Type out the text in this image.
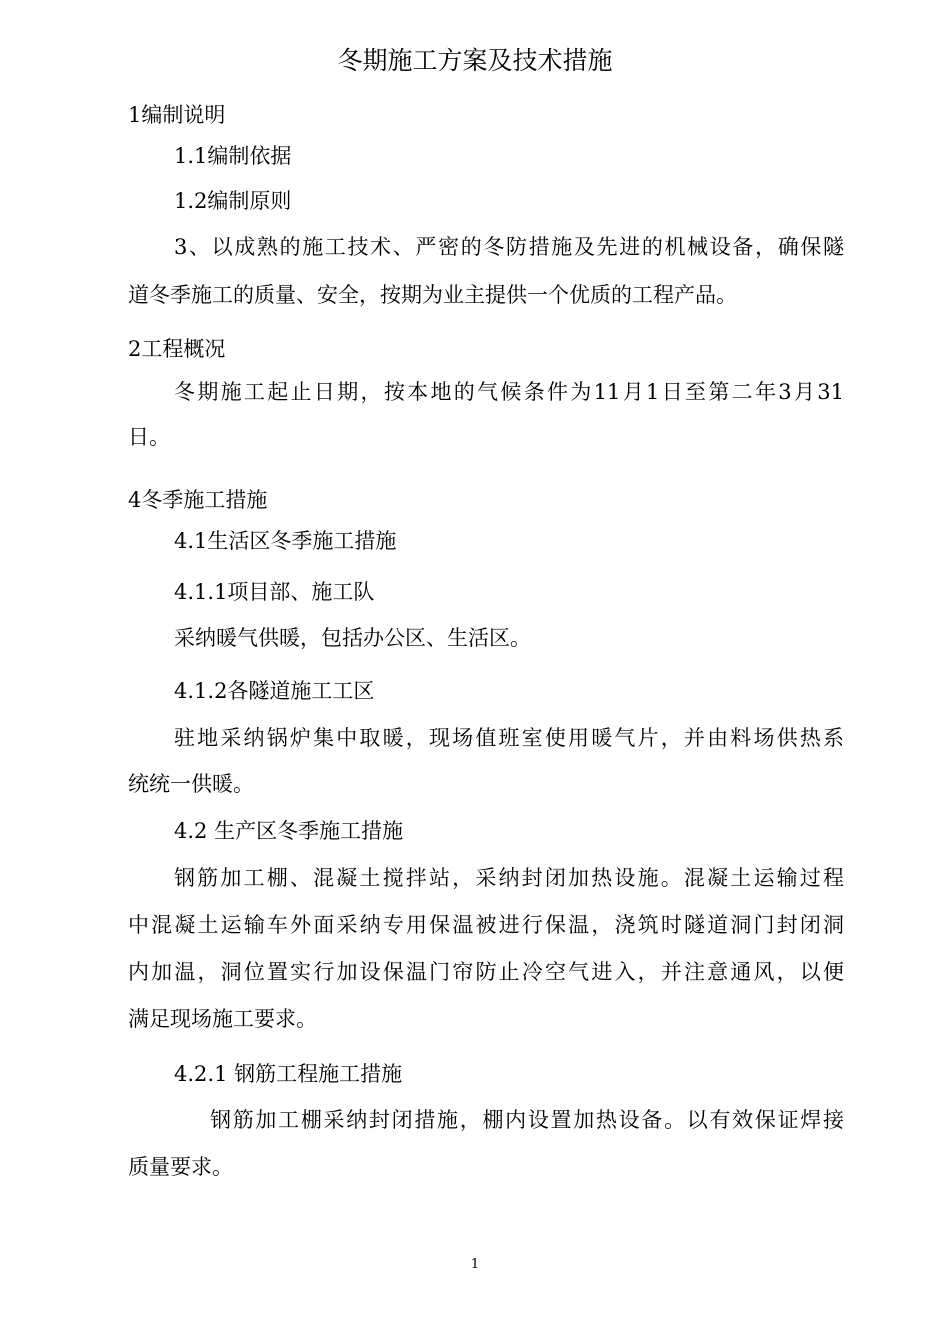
冬期施工方案及技术措施
1编制说明
1.1编制依据
1.2编制原则
3、以成熟的施工技术、严密的冬防措施及先进的机械设备，确保隧
道冬季施工的质量、安全，按期为业主提供一个优质的工程产品。
2工程概况
冬期施工起止日期，按本地的气候条件为11月1日至第二年3月31
日。
4冬季施工措施
4.1生活区冬季施工措施
4.1.1项目部、施工队
采纳暖气供暖，包括办公区、生活区。
4.1.2各隧道施工工区
驻地采纳锅炉集中取暖，现场值班室使用暖气片，并由料场供热系
统统一供暖。
4.2 生产区冬季施工措施
钢筋加工棚、混凝土搅拌站，采纳封闭加热设施。混凝土运输过程
中混凝土运输车外面采纳专用保温被进行保温，浇筑时隧道洞门封闭洞
内加温，洞位置实行加设保温门帘防止冷空气进入，并注意通风，以便
满足现场施工要求。
4.2.1 钢筋工程施工措施
钢筋加工棚采纳封闭措施，棚内设置加热设备。以有效保证焊接
质量要求。
1
